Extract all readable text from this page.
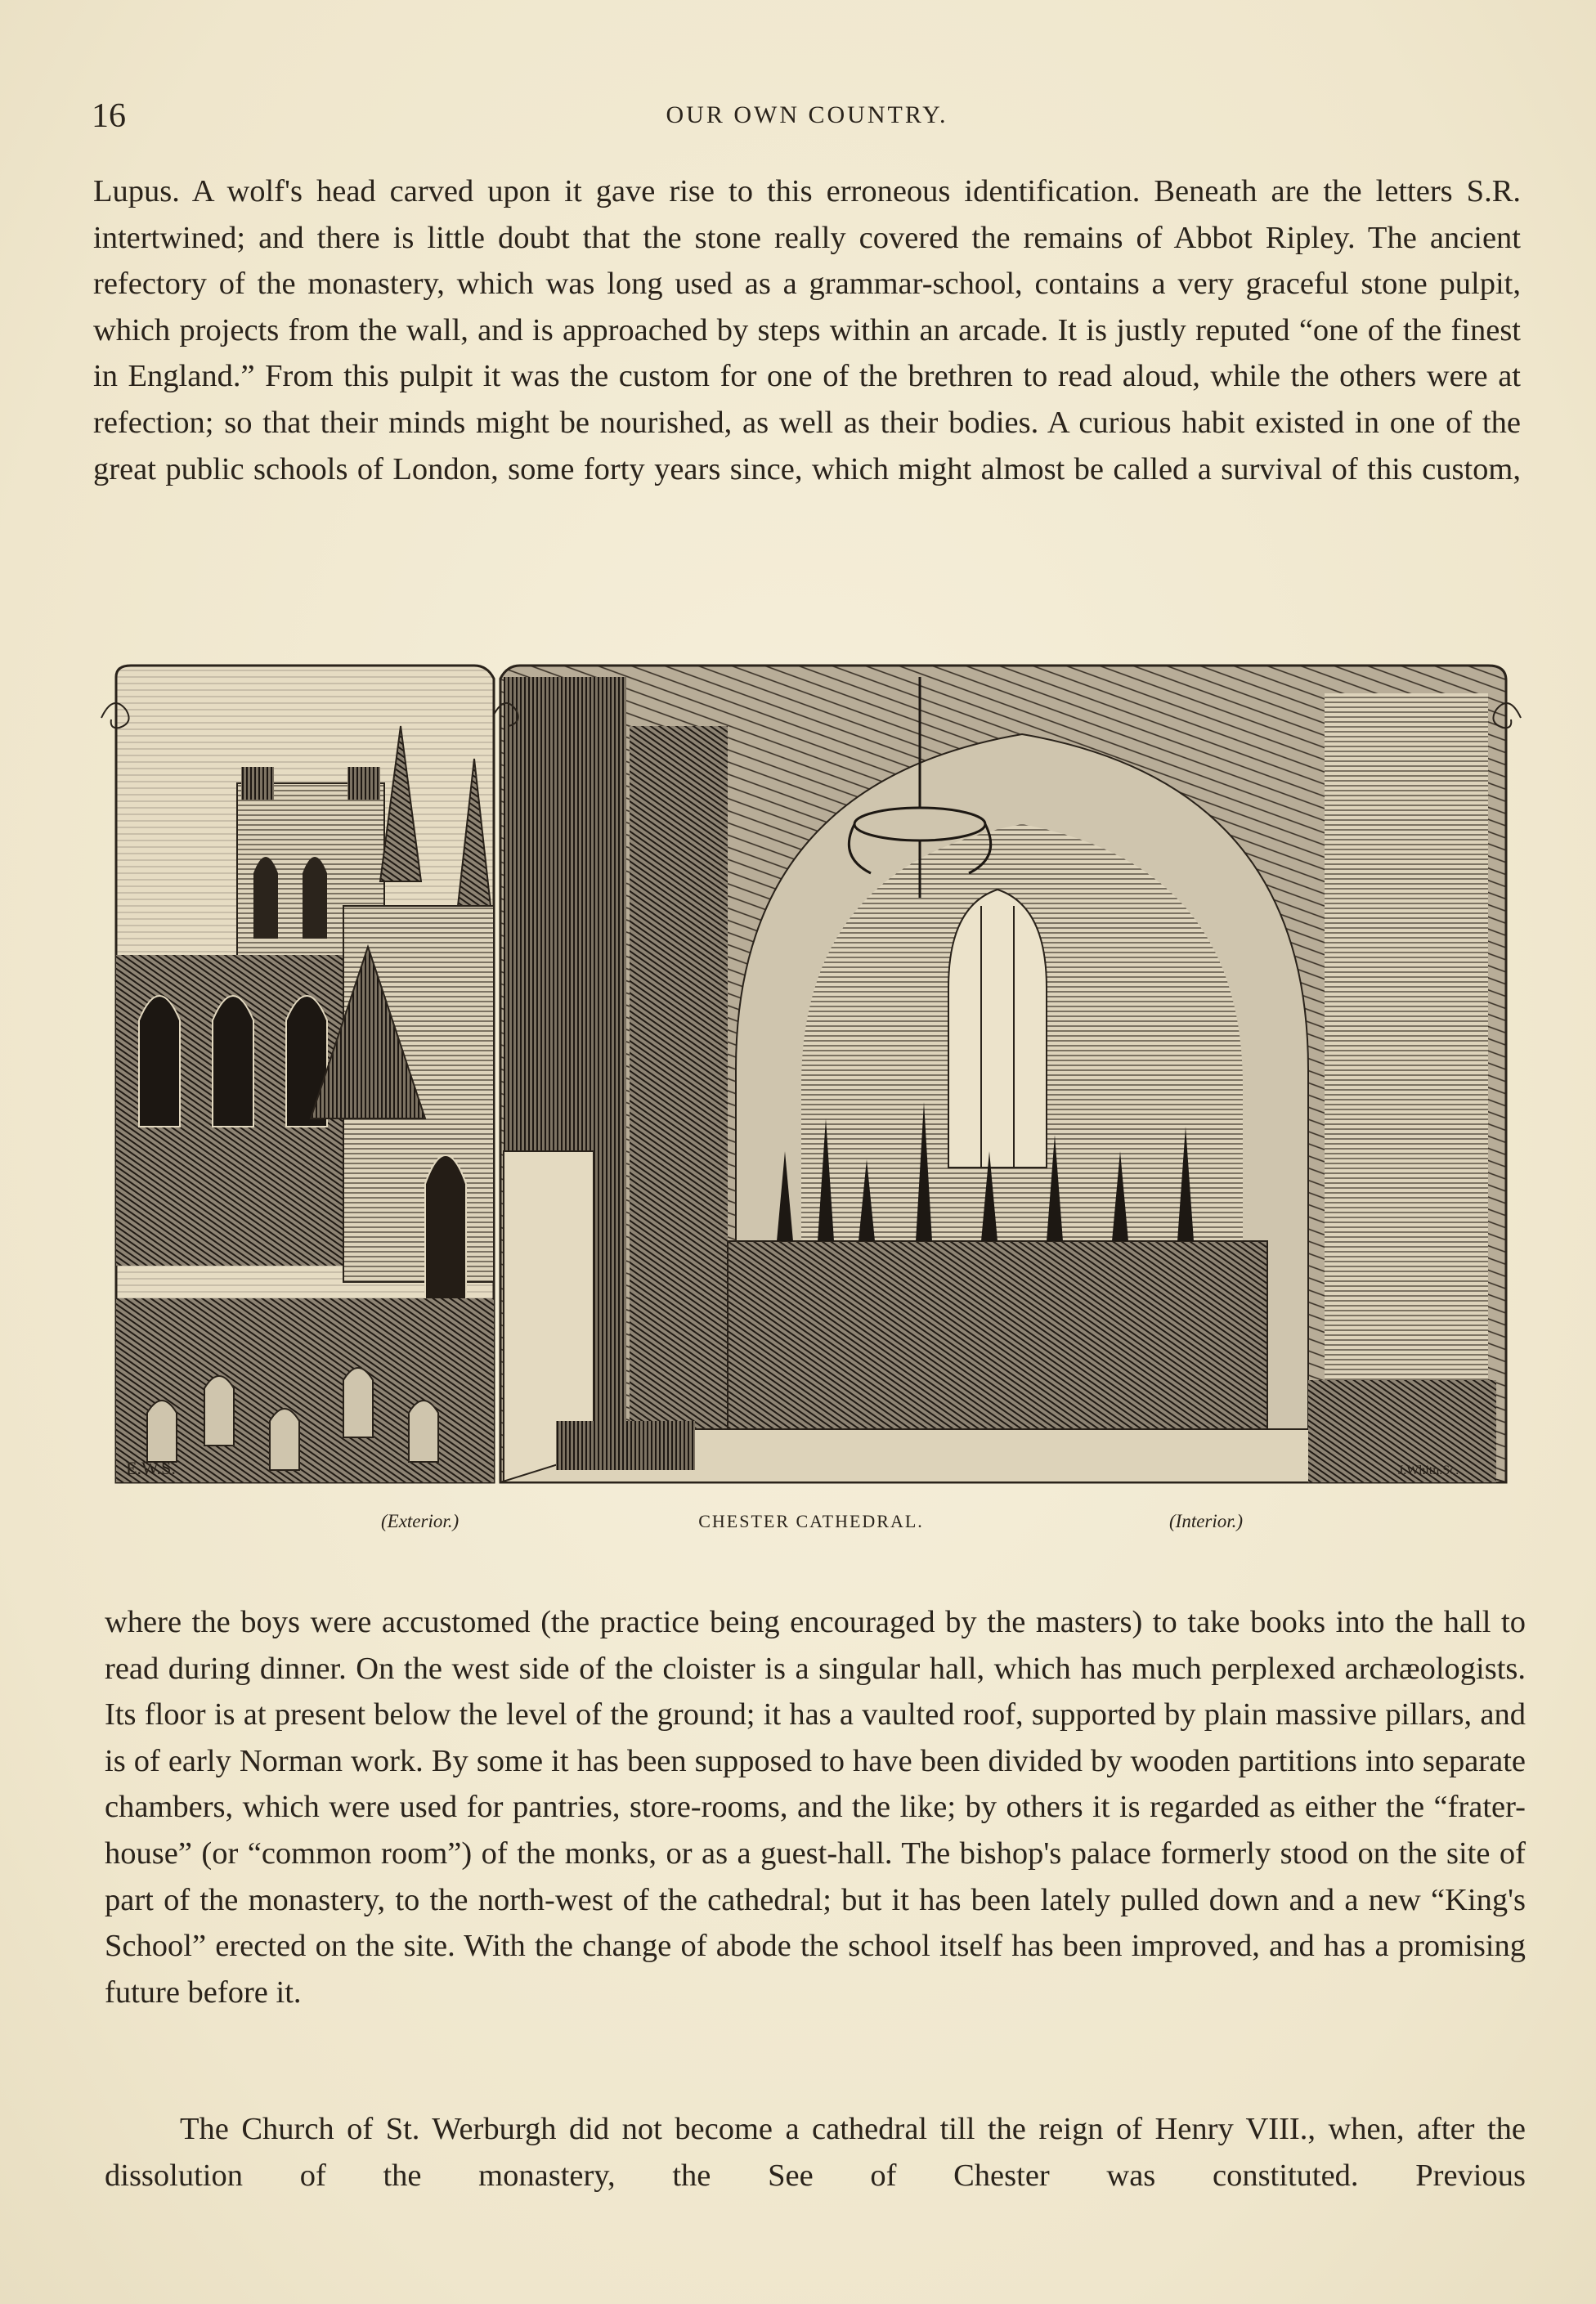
16	OUR OWN COUNTRY.

Lupus. A wolf's head carved upon it gave rise to this erroneous identification. Beneath are the letters S.R. intertwined; and there is little doubt that the stone really covered the remains of Abbot Ripley. The ancient refectory of the monastery, which was long used as a grammar-school, contains a very graceful stone pulpit, which projects from the wall, and is approached by steps within an arcade. It is justly reputed “one of the finest in England.” From this pulpit it was the custom for one of the brethren to read aloud, while the others were at refection; so that their minds might be nourished, as well as their bodies. A curious habit existed in one of the great public schools of London, some forty years since, which might almost be called a survival of this custom,

E.W.S.	J.Whitn.Sc.
(Exterior.)	CHESTER CATHEDRAL.	(Interior.)

where the boys were accustomed (the practice being encouraged by the masters) to take books into the hall to read during dinner. On the west side of the cloister is a singular hall, which has much perplexed archæologists. Its floor is at present below the level of the ground; it has a vaulted roof, supported by plain massive pillars, and is of early Norman work. By some it has been supposed to have been divided by wooden partitions into separate chambers, which were used for pantries, store-rooms, and the like; by others it is regarded as either the “frater-house” (or “common room”) of the monks, or as a guest-hall. The bishop's palace formerly stood on the site of part of the monastery, to the north-west of the cathedral; but it has been lately pulled down and a new “King's School” erected on the site. With the change of abode the school itself has been improved, and has a promising future before it.

The Church of St. Werburgh did not become a cathedral till the reign of Henry VIII., when, after the dissolution of the monastery, the See of Chester was constituted. Previous
